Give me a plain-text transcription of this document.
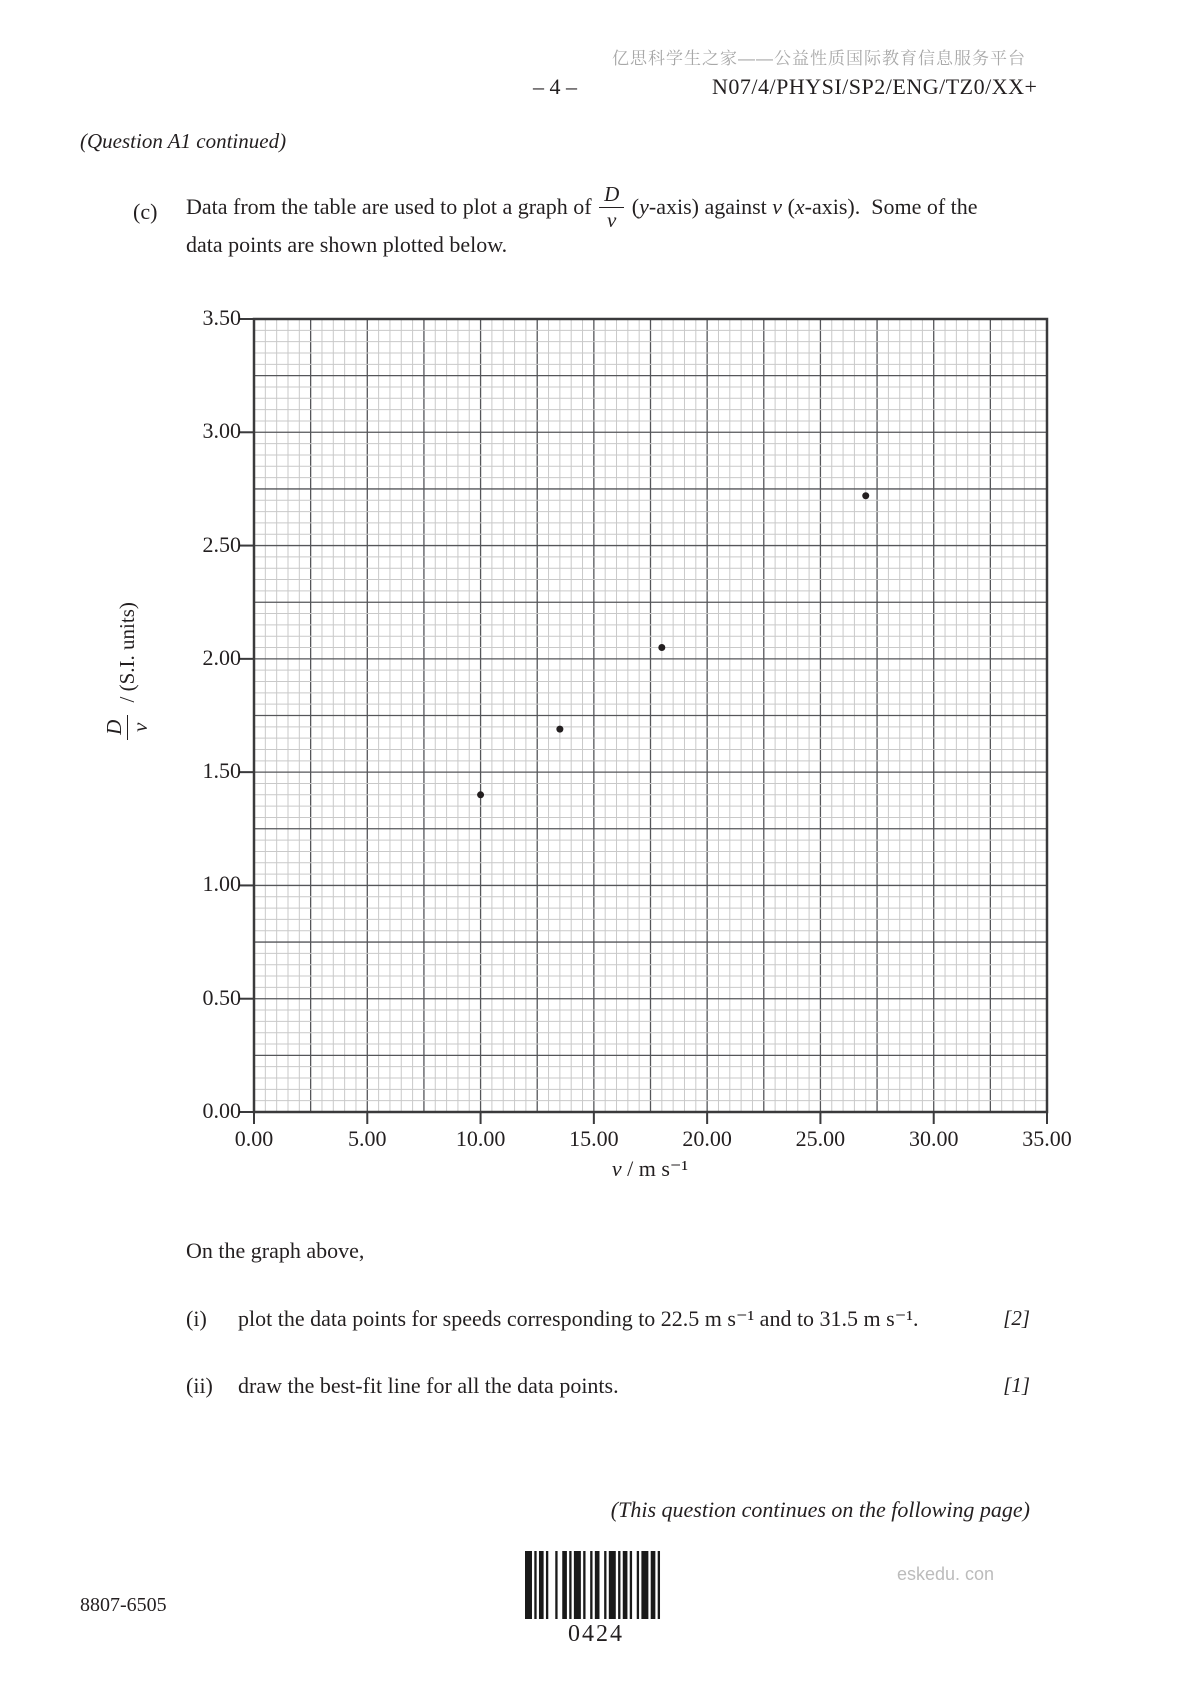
亿思科学生之家——公益性质国际教育信息服务平台
– 4 –	N07/4/PHYSI/SP2/ENG/TZ0/XX+
(Question A1 continued)
(c) Data from the table are used to plot a graph of $\frac{D}{v}$ ( y -axis) against v ( x -axis).  Some of the
data points are shown plotted below.
D v
/ (S.I. units)
v / m s⁻¹
On the graph above,
(i) plot the data points for speeds corresponding to 22.5 m s⁻¹ and to 31.5 m s⁻¹.	[2]
(ii) draw the best-fit line for all the data points.	[1]
(This question continues on the following page)
8807-6505
0424
eskedu. con
0.00
0.50
1.00
1.50
2.00
2.50
3.00
3.50
0.00	5.00	10.00	15.00	20.00	25.00	30.00	35.00
